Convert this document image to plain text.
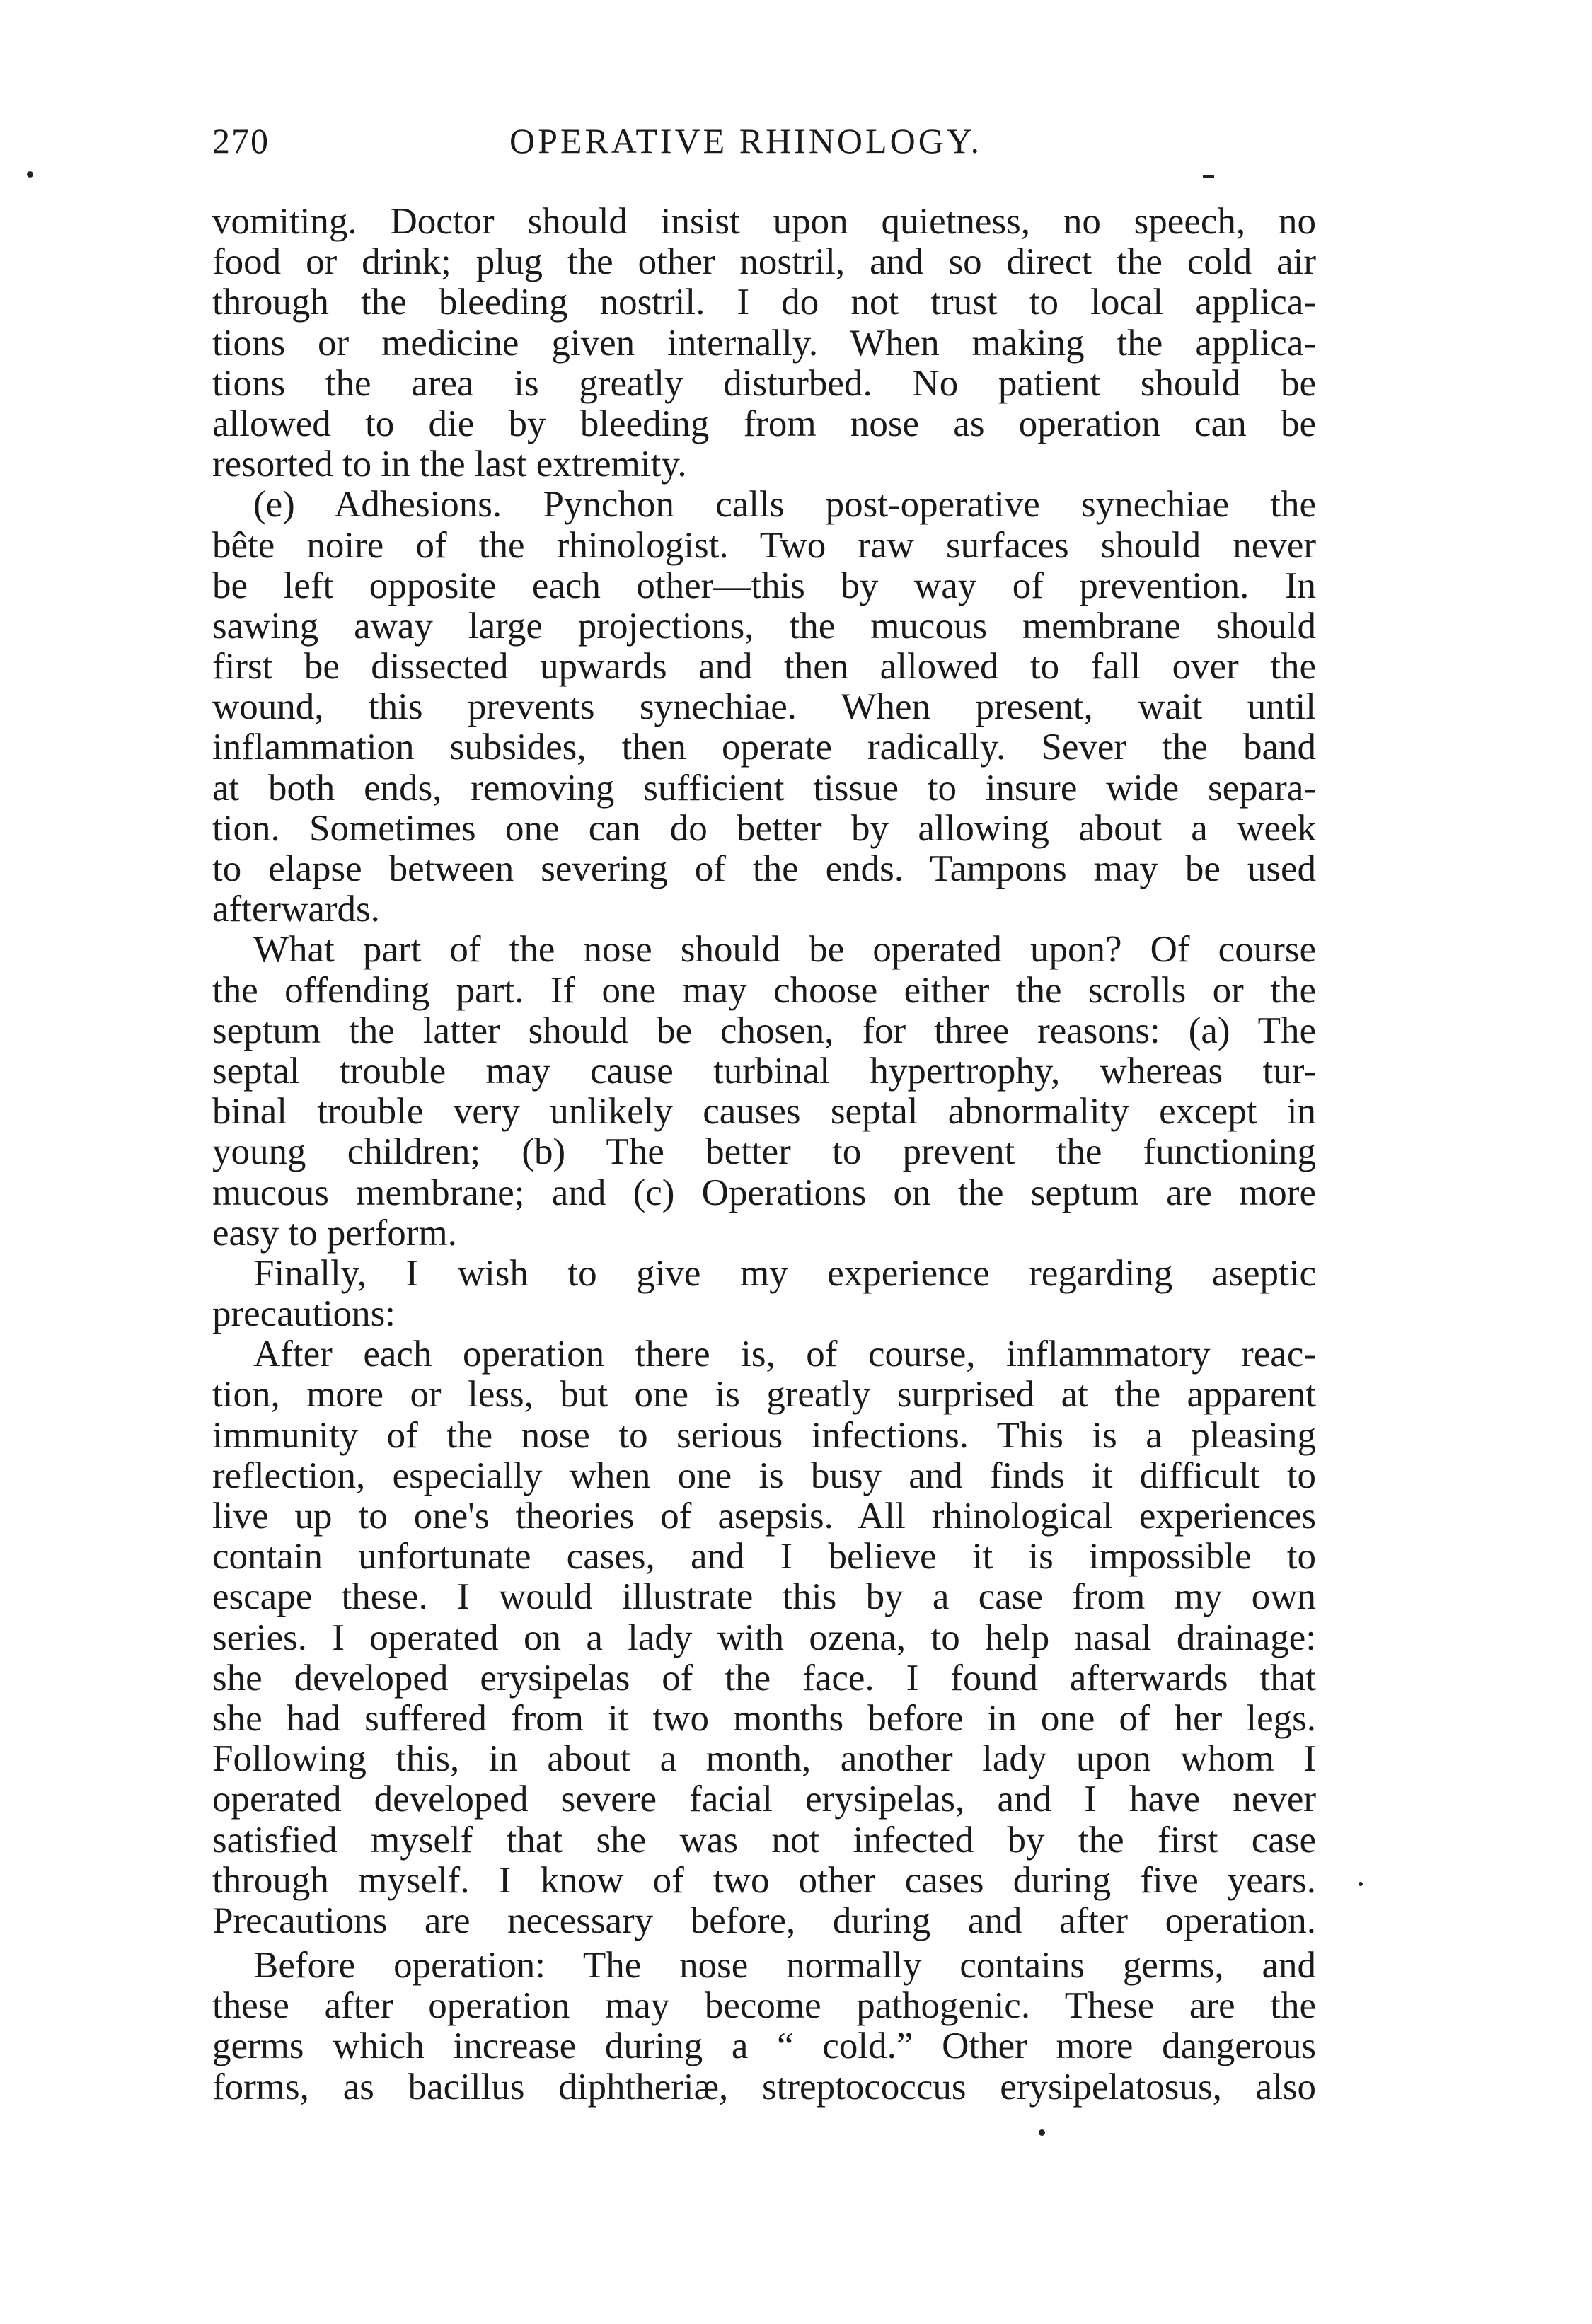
270	OPERATIVE RHINOLOGY.
vomiting. Doctor should insist upon quietness, no speech, no
food or drink; plug the other nostril, and so direct the cold air
through the bleeding nostril. I do not trust to local applica-
tions or medicine given internally. When making the applica-
tions the area is greatly disturbed. No patient should be
allowed to die by bleeding from nose as operation can be
resorted to in the last extremity.
(e) Adhesions. Pynchon calls post-operative synechiae the
bête noire of the rhinologist. Two raw surfaces should never
be left opposite each other—this by way of prevention. In
sawing away large projections, the mucous membrane should
first be dissected upwards and then allowed to fall over the
wound, this prevents synechiae. When present, wait until
inflammation subsides, then operate radically. Sever the band
at both ends, removing sufficient tissue to insure wide separa-
tion. Sometimes one can do better by allowing about a week
to elapse between severing of the ends. Tampons may be used
afterwards.
What part of the nose should be operated upon? Of course
the offending part. If one may choose either the scrolls or the
septum the latter should be chosen, for three reasons: (a) The
septal trouble may cause turbinal hypertrophy, whereas tur-
binal trouble very unlikely causes septal abnormality except in
young children; (b) The better to prevent the functioning
mucous membrane; and (c) Operations on the septum are more
easy to perform.
Finally, I wish to give my experience regarding aseptic
precautions:
After each operation there is, of course, inflammatory reac-
tion, more or less, but one is greatly surprised at the apparent
immunity of the nose to serious infections. This is a pleasing
reflection, especially when one is busy and finds it difficult to
live up to one's theories of asepsis. All rhinological experiences
contain unfortunate cases, and I believe it is impossible to
escape these. I would illustrate this by a case from my own
series. I operated on a lady with ozena, to help nasal drainage:
she developed erysipelas of the face. I found afterwards that
she had suffered from it two months before in one of her legs.
Following this, in about a month, another lady upon whom I
operated developed severe facial erysipelas, and I have never
satisfied myself that she was not infected by the first case
through myself. I know of two other cases during five years.
Precautions are necessary before, during and after operation.
Before operation: The nose normally contains germs, and
these after operation may become pathogenic. These are the
germs which increase during a “ cold.” Other more dangerous
forms, as bacillus diphtheriæ, streptococcus erysipelatosus, also
